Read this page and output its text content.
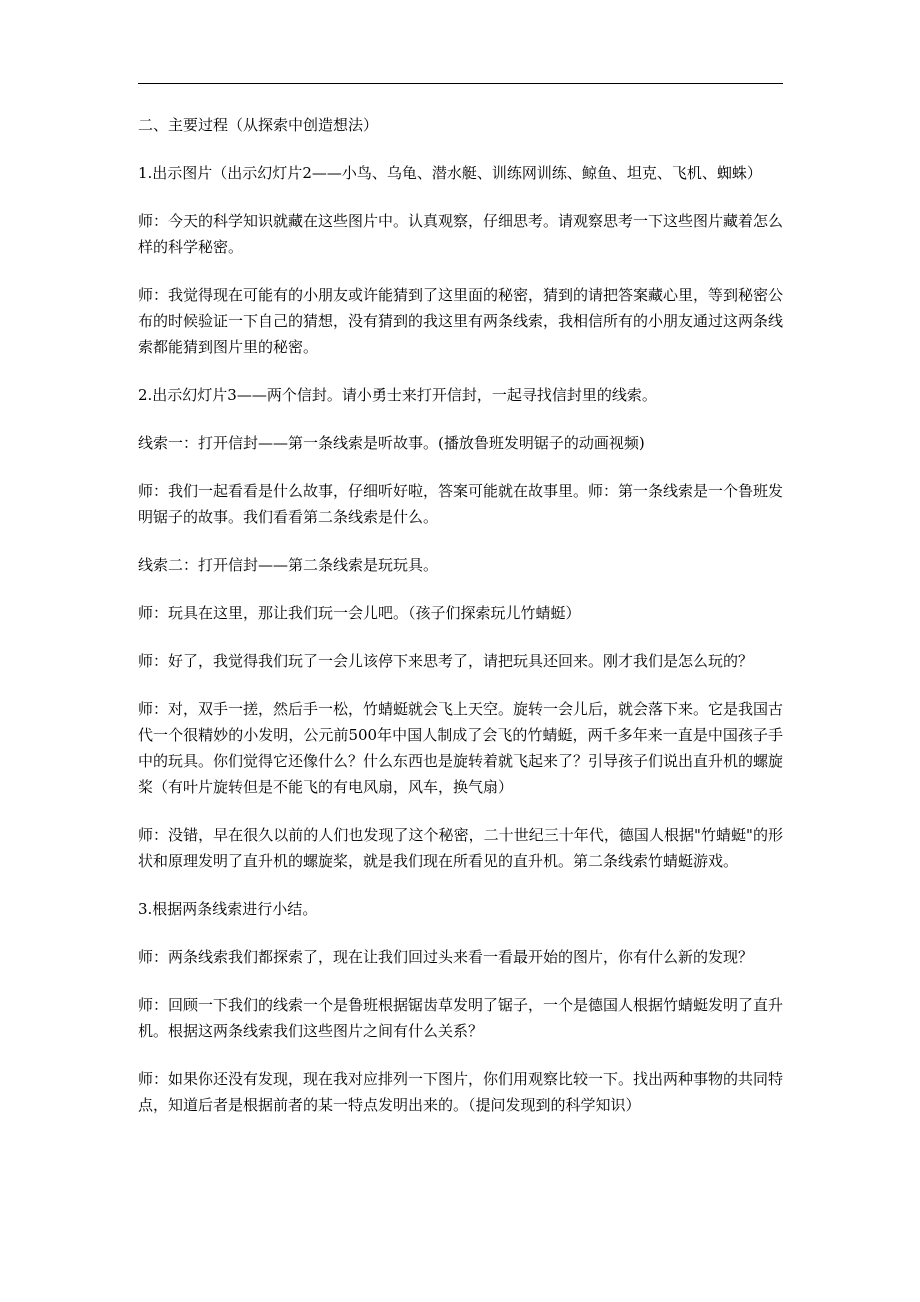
二、主要过程（从探索中创造想法）

1.出示图片（出示幻灯片2——小鸟、乌龟、潜水艇、训练网训练、鲸鱼、坦克、飞机、蜘蛛）

师：今天的科学知识就藏在这些图片中。认真观察，仔细思考。请观察思考一下这些图片藏着怎么样的科学秘密。

师：我觉得现在可能有的小朋友或许能猜到了这里面的秘密，猜到的请把答案藏心里，等到秘密公布的时候验证一下自己的猜想，没有猜到的我这里有两条线索，我相信所有的小朋友通过这两条线索都能猜到图片里的秘密。

2.出示幻灯片3——两个信封。请小勇士来打开信封，一起寻找信封里的线索。

线索一：打开信封——第一条线索是听故事。(播放鲁班发明锯子的动画视频)

师：我们一起看看是什么故事，仔细听好啦，答案可能就在故事里。师：第一条线索是一个鲁班发明锯子的故事。我们看看第二条线索是什么。

线索二：打开信封——第二条线索是玩玩具。

师：玩具在这里，那让我们玩一会儿吧。（孩子们探索玩儿竹蜻蜓）

师：好了，我觉得我们玩了一会儿该停下来思考了，请把玩具还回来。刚才我们是怎么玩的？

师：对，双手一搓，然后手一松，竹蜻蜓就会飞上天空。旋转一会儿后，就会落下来。它是我国古代一个很精妙的小发明，公元前500年中国人制成了会飞的竹蜻蜓，两千多年来一直是中国孩子手中的玩具。你们觉得它还像什么？什么东西也是旋转着就飞起来了？引导孩子们说出直升机的螺旋桨（有叶片旋转但是不能飞的有电风扇，风车，换气扇）

师：没错，早在很久以前的人们也发现了这个秘密，二十世纪三十年代，德国人根据"竹蜻蜓"的形状和原理发明了直升机的螺旋桨，就是我们现在所看见的直升机。第二条线索竹蜻蜓游戏。

3.根据两条线索进行小结。

师：两条线索我们都探索了，现在让我们回过头来看一看最开始的图片，你有什么新的发现？

师：回顾一下我们的线索一个是鲁班根据锯齿草发明了锯子，一个是德国人根据竹蜻蜓发明了直升机。根据这两条线索我们这些图片之间有什么关系？

师：如果你还没有发现，现在我对应排列一下图片，你们用观察比较一下。找出两种事物的共同特点，知道后者是根据前者的某一特点发明出来的。（提问发现到的科学知识）
